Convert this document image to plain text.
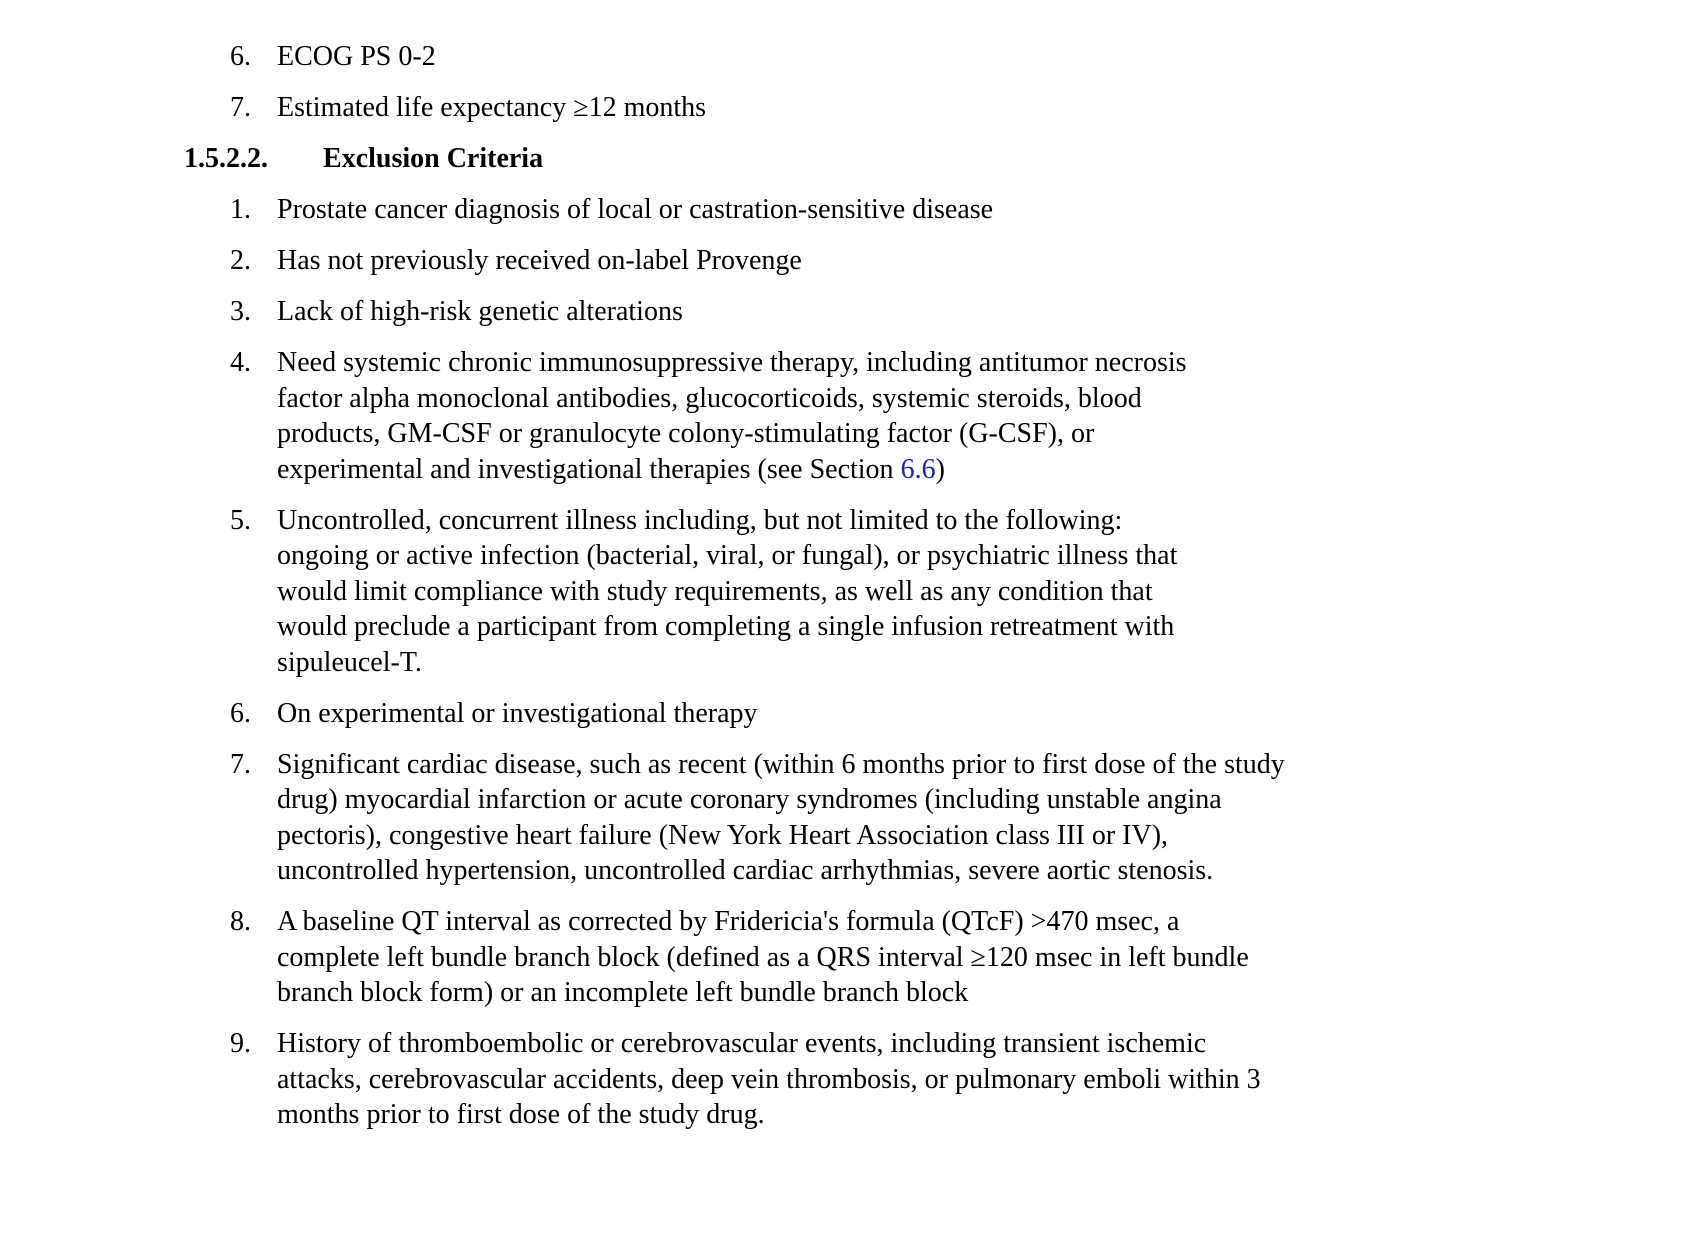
6. ECOG PS 0-2
7. Estimated life expectancy ≥12 months
1.5.2.2. Exclusion Criteria
1. Prostate cancer diagnosis of local or castration-sensitive disease
2. Has not previously received on-label Provenge
3. Lack of high-risk genetic alterations
4. Need systemic chronic immunosuppressive therapy, including antitumor necrosis
factor alpha monoclonal antibodies, glucocorticoids, systemic steroids, blood
products, GM-CSF or granulocyte colony-stimulating factor (G-CSF), or
experimental and investigational therapies (see Section 6.6)
5. Uncontrolled, concurrent illness including, but not limited to the following:
ongoing or active infection (bacterial, viral, or fungal), or psychiatric illness that
would limit compliance with study requirements, as well as any condition that
would preclude a participant from completing a single infusion retreatment with
sipuleucel-T.
6. On experimental or investigational therapy
7. Significant cardiac disease, such as recent (within 6 months prior to first dose of the study
drug) myocardial infarction or acute coronary syndromes (including unstable angina
pectoris), congestive heart failure (New York Heart Association class III or IV),
uncontrolled hypertension, uncontrolled cardiac arrhythmias, severe aortic stenosis.
8. A baseline QT interval as corrected by Fridericia's formula (QTcF) >470 msec, a
complete left bundle branch block (defined as a QRS interval ≥120 msec in left bundle
branch block form) or an incomplete left bundle branch block
9. History of thromboembolic or cerebrovascular events, including transient ischemic
attacks, cerebrovascular accidents, deep vein thrombosis, or pulmonary emboli within 3
months prior to first dose of the study drug.
